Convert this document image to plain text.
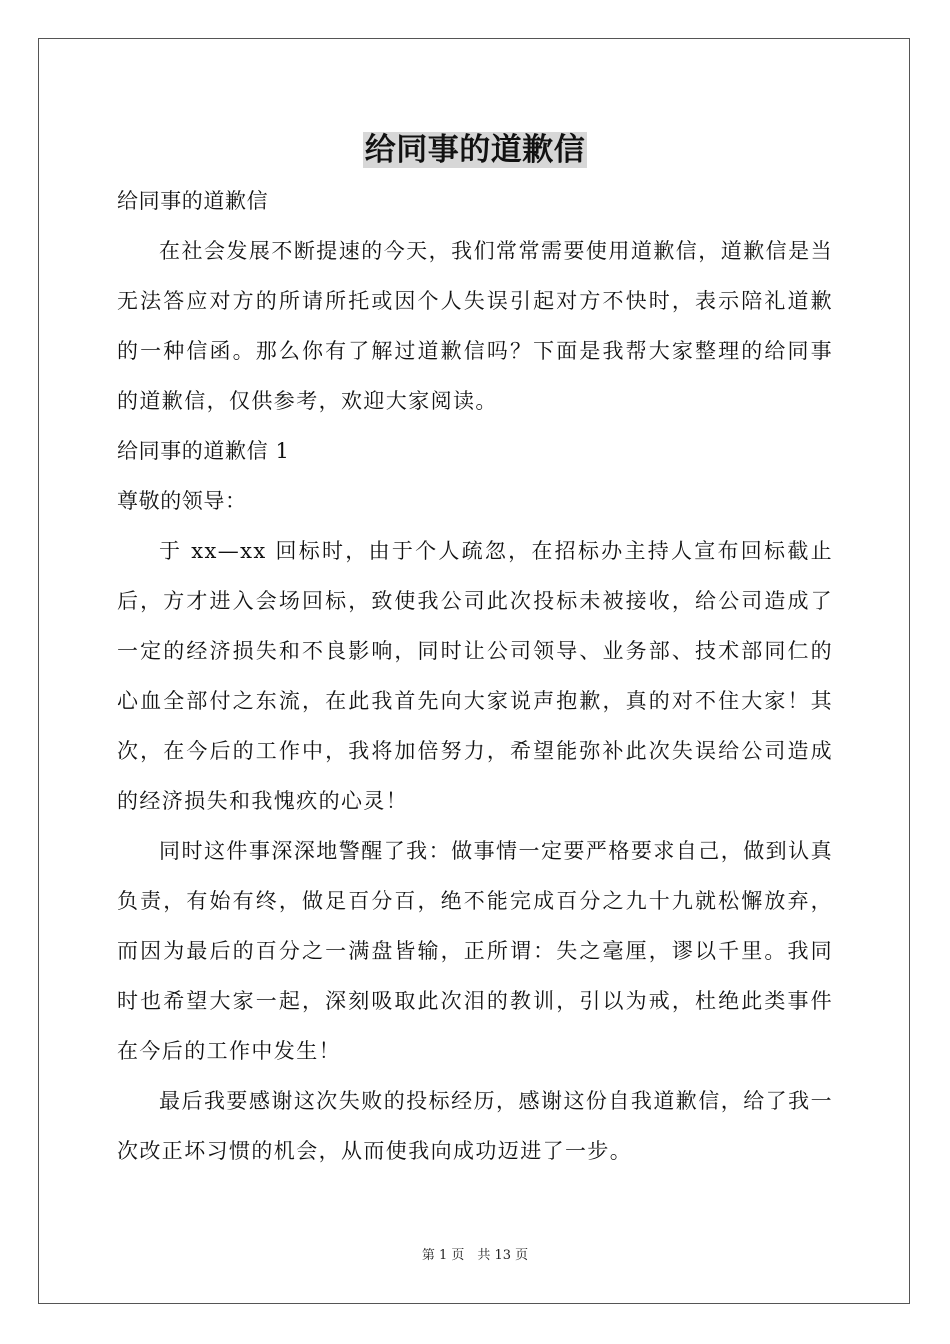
给同事的道歉信

给同事的道歉信

在社会发展不断提速的今天，我们常常需要使用道歉信，道歉信是当无法答应对方的所请所托或因个人失误引起对方不快时，表示陪礼道歉的一种信函。那么你有了解过道歉信吗？下面是我帮大家整理的给同事的道歉信，仅供参考，欢迎大家阅读。

给同事的道歉信 1

尊敬的领导：

于 xx—xx 回标时，由于个人疏忽，在招标办主持人宣布回标截止后，方才进入会场回标，致使我公司此次投标未被接收，给公司造成了一定的经济损失和不良影响，同时让公司领导、业务部、技术部同仁的心血全部付之东流，在此我首先向大家说声抱歉，真的对不住大家！其次，在今后的工作中，我将加倍努力，希望能弥补此次失误给公司造成的经济损失和我愧疚的心灵！

同时这件事深深地警醒了我：做事情一定要严格要求自己，做到认真负责，有始有终，做足百分百，绝不能完成百分之九十九就松懈放弃，而因为最后的百分之一满盘皆输，正所谓：失之毫厘，谬以千里。我同时也希望大家一起，深刻吸取此次泪的教训，引以为戒，杜绝此类事件在今后的工作中发生！

最后我要感谢这次失败的投标经历，感谢这份自我道歉信，给了我一次改正坏习惯的机会，从而使我向成功迈进了一步。

第 1 页　共 13 页
